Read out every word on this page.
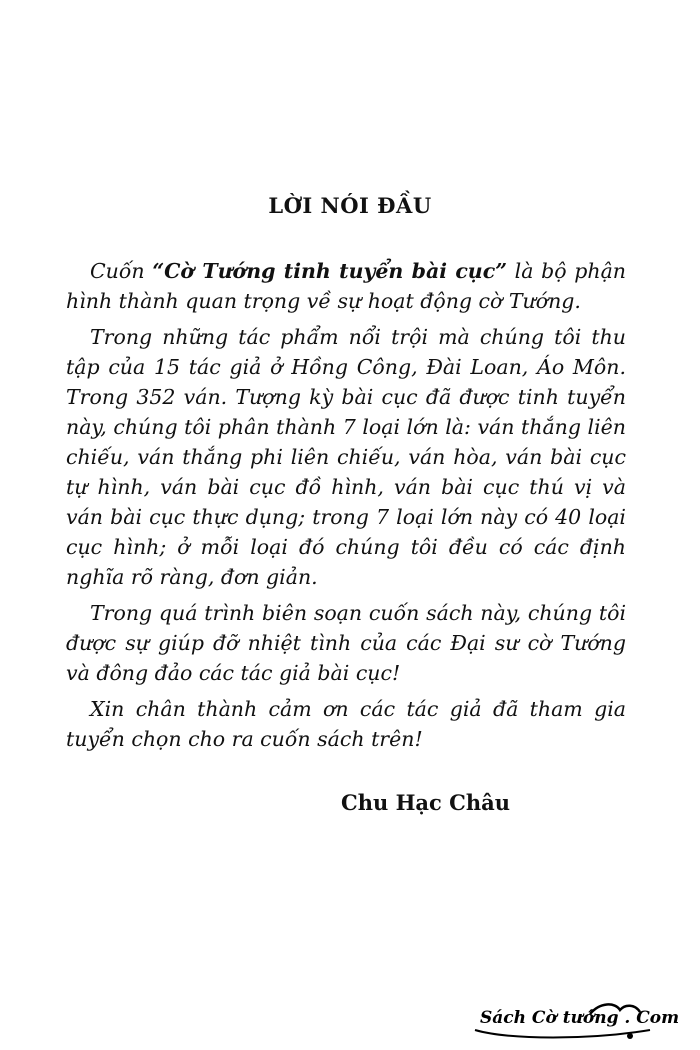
LỜI NÓI ĐẦU

Cuốn “Cờ Tướng tinh tuyển bài cục” là bộ phận hình thành quan trọng về sự hoạt động cờ Tướng.

Trong những tác phẩm nổi trội mà chúng tôi thu tập của 15 tác giả ở Hồng Công, Đài Loan, Áo Môn. Trong 352 ván. Tượng kỳ bài cục đã được tinh tuyển này, chúng tôi phân thành 7 loại lớn là: ván thắng liên chiếu, ván thắng phi liên chiếu, ván hòa, ván bài cục tự hình, ván bài cục đồ hình, ván bài cục thú vị và ván bài cục thực dụng; trong 7 loại lớn này có 40 loại cục hình; ở mỗi loại đó chúng tôi đều có các định nghĩa rõ ràng, đơn giản.

Trong quá trình biên soạn cuốn sách này, chúng tôi được sự giúp đỡ nhiệt tình của các Đại sư cờ Tướng và đông đảo các tác giả bài cục!

Xin chân thành cảm ơn các tác giả đã tham gia tuyển chọn cho ra cuốn sách trên!

Chu Hạc Châu
Sách Cờ tướng . Com
